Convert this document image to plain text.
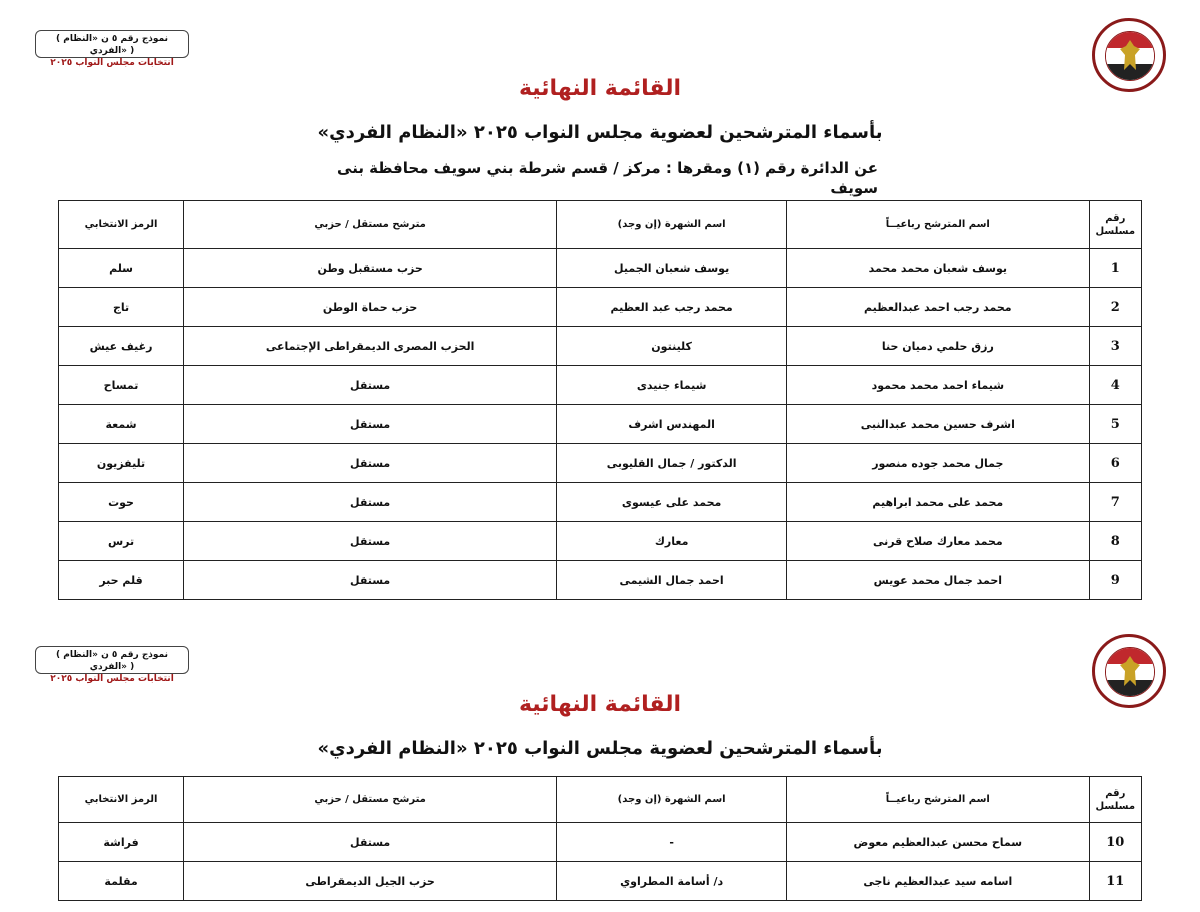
( نموذج رقم ٥ ن «النظام الفردي» )
انتخابات مجلس النواب ٢٠٢٥
القائمة النهائية
بأسماء المترشحين لعضوية مجلس النواب ٢٠٢٥ «النظام الفردي»
عن الدائرة رقم (١) ومقرها : مركز / قسم شرطة بني سويف محافظة بنى سويف
رقم مسلسل	اسم المترشح رباعيــاً	اسم الشهرة (إن وجد)	مترشح مستقل / حزبي	الرمز الانتخابي
1	يوسف شعبان محمد محمد	يوسف شعبان الجميل	حزب مستقبل وطن	سلم
2	محمد رجب احمد عبدالعظيم	محمد رجب عبد العظيم	حزب حماة الوطن	تاج
3	رزق حلمي دميان حنا	كلينتون	الحزب المصرى الديمقراطى الإجتماعى	رغيف عيش
4	شيماء احمد محمد محمود	شيماء جنيدى	مستقل	تمساح
5	اشرف حسين محمد عبدالنبى	المهندس اشرف	مستقل	شمعة
6	جمال محمد جوده منصور	الدكتور / جمال القليوبى	مستقل	تليفزيون
7	محمد على محمد ابراهيم	محمد على عيسوى	مستقل	حوت
8	محمد معارك صلاح قرنى	معارك	مستقل	ترس
9	احمد جمال محمد عويس	احمد جمال الشيمى	مستقل	قلم حبر
( نموذج رقم ٥ ن «النظام الفردي» )
انتخابات مجلس النواب ٢٠٢٥
القائمة النهائية
بأسماء المترشحين لعضوية مجلس النواب ٢٠٢٥ «النظام الفردي»
رقم مسلسل	اسم المترشح رباعيــاً	اسم الشهرة (إن وجد)	مترشح مستقل / حزبي	الرمز الانتخابي
10	سماح محسن عبدالعظيم معوض	-	مستقل	فراشة
11	اسامه سيد عبدالعظيم ناجى	د/ أسامة المطراوي	حزب الجيل الديمقراطى	مقلمة
